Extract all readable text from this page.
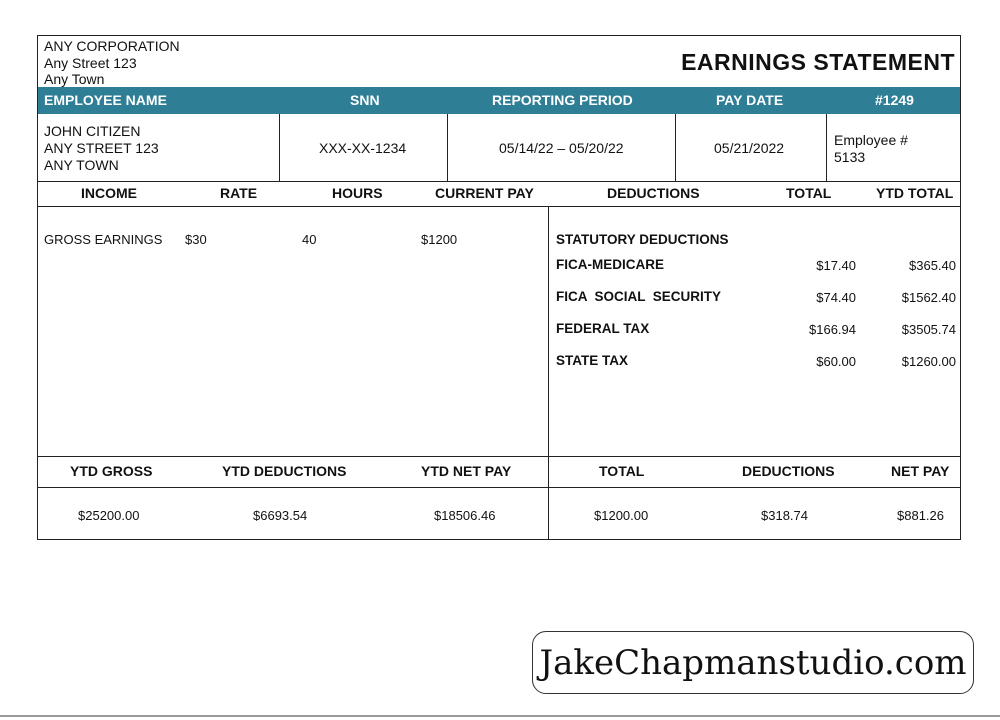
ANY CORPORATION
Any Street 123
Any Town
EARNINGS STATEMENT
EMPLOYEE NAME	SNN	REPORTING PERIOD	PAY DATE	#1249
JOHN CITIZEN
ANY STREET 123
ANY TOWN
XXX-XX-1234	05/14/22 – 05/20/22	05/21/2022	Employee #
5133
INCOME	RATE	HOURS	CURRENT PAY	DEDUCTIONS	TOTAL	YTD TOTAL
GROSS EARNINGS $30	40	$1200	STATUTORY DEDUCTIONS
FICA-MEDICARE	$17.40	$365.40
FICA  SOCIAL  SECURITY	$74.40	$1562.40
FEDERAL TAX	$166.94	$3505.74
STATE TAX	$60.00	$1260.00
YTD GROSS	YTD DEDUCTIONS	YTD NET PAY	TOTAL	DEDUCTIONS	NET PAY
$25200.00	$6693.54	$18506.46	$1200.00	$318.74	$881.26
JakeChapmanstudio.com
